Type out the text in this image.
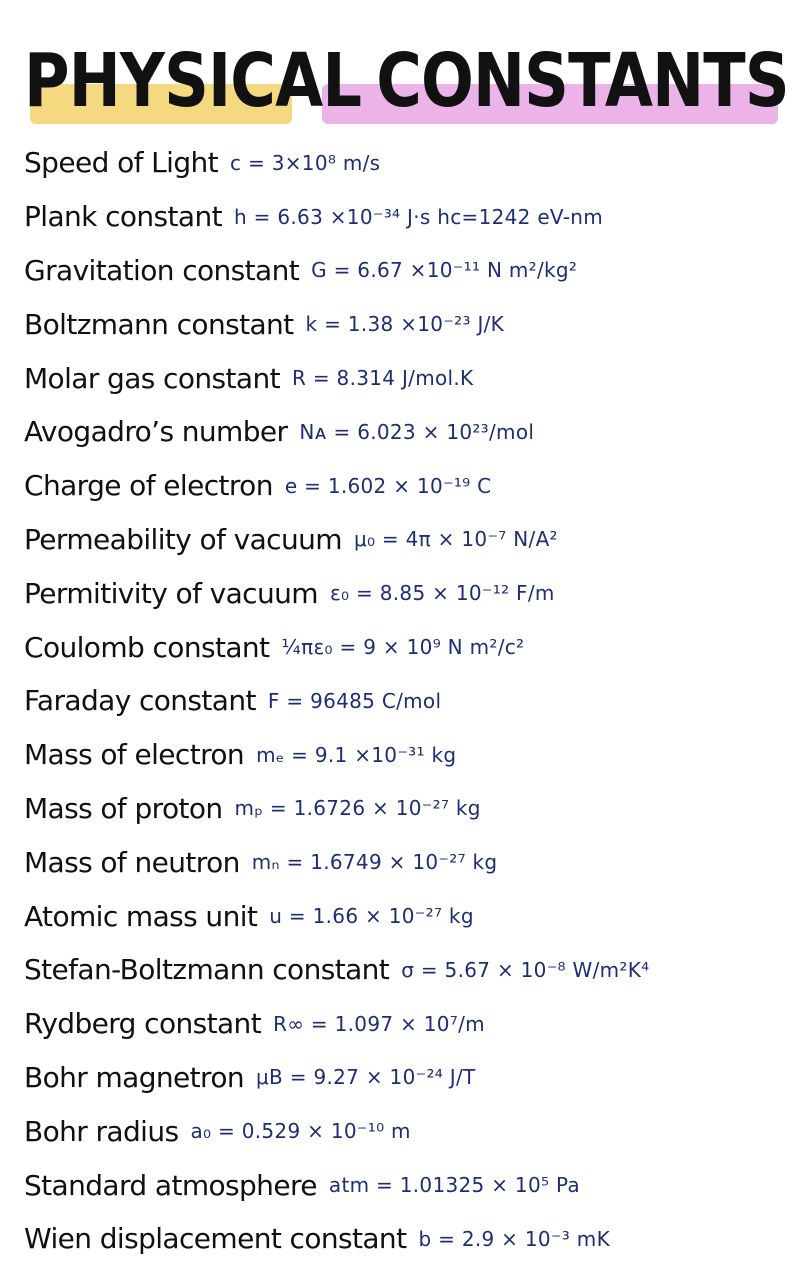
PHYSICAL CONSTANTS
Speed of Light c = 3×10⁸ m/s
Plank constant h = 6.63 ×10⁻³⁴ J·s hc=1242 eV-nm
Gravitation constant G = 6.67 ×10⁻¹¹ N m²/kg²
Boltzmann constant k = 1.38 ×10⁻²³ J/K
Molar gas constant R = 8.314 J/mol.K
Avogadro’s number Nᴀ = 6.023 × 10²³/mol
Charge of electron e = 1.602 × 10⁻¹⁹ C
Permeability of vacuum μ₀ = 4π × 10⁻⁷ N/A²
Permitivity of vacuum ε₀ = 8.85 × 10⁻¹² F/m
Coulomb constant ¼πε₀ = 9 × 10⁹ N m²/c²
Faraday constant F = 96485 C/mol
Mass of electron mₑ = 9.1 ×10⁻³¹ kg
Mass of proton mₚ = 1.6726 × 10⁻²⁷ kg
Mass of neutron mₙ = 1.6749 × 10⁻²⁷ kg
Atomic mass unit u = 1.66 × 10⁻²⁷ kg
Stefan-Boltzmann constant σ = 5.67 × 10⁻⁸ W/m²K⁴
Rydberg constant R∞ = 1.097 × 10⁷/m
Bohr magnetron μB = 9.27 × 10⁻²⁴ J/T
Bohr radius a₀ = 0.529 × 10⁻¹⁰ m
Standard atmosphere atm = 1.01325 × 10⁵ Pa
Wien displacement constant b = 2.9 × 10⁻³ mK
